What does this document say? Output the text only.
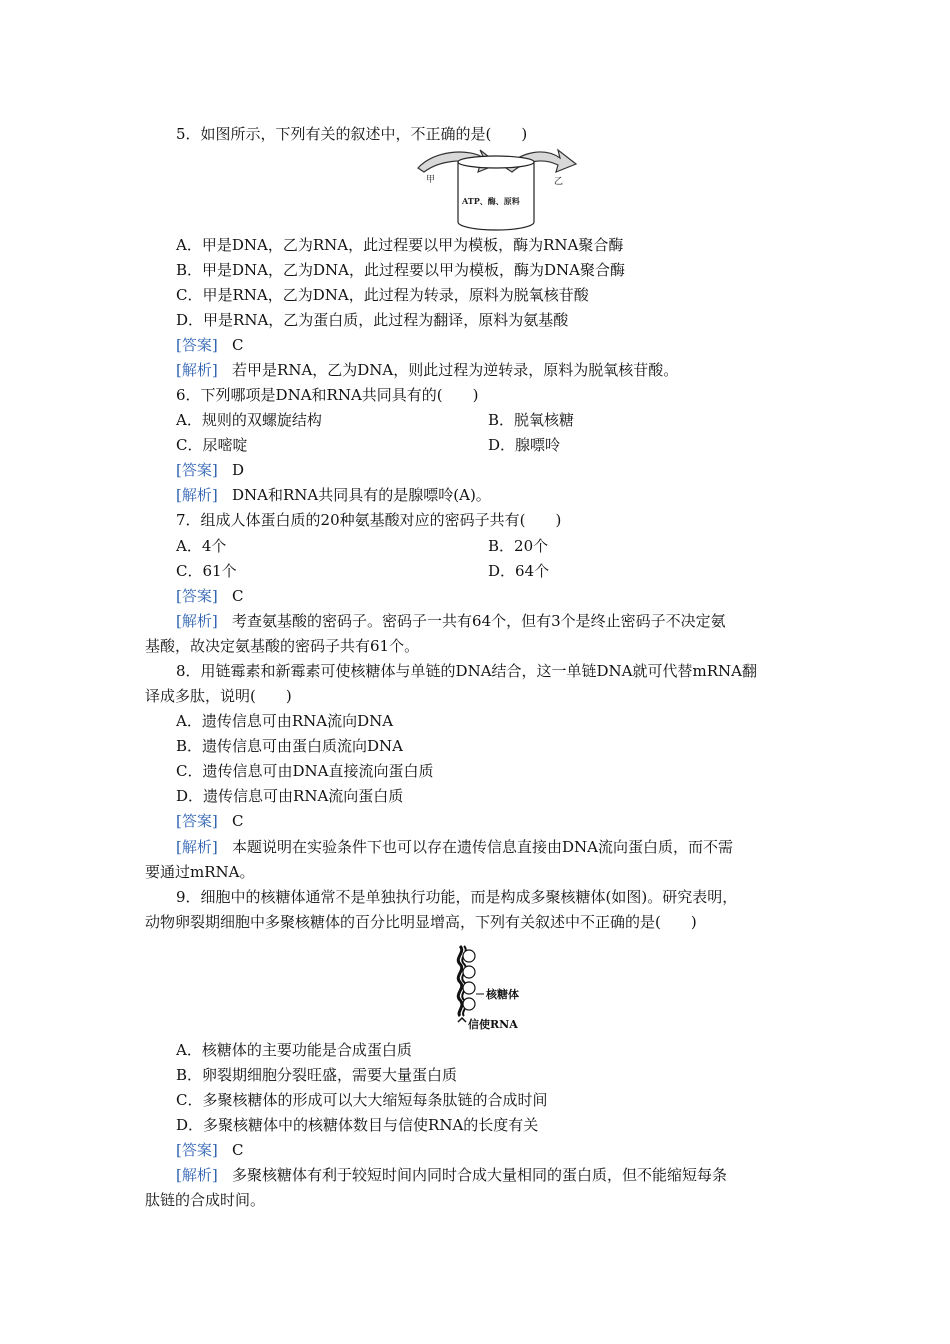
5．如图所示，下列有关的叙述中，不正确的是(　　)
甲	乙
ATP、酶、原料
A．甲是DNA，乙为RNA，此过程要以甲为模板，酶为RNA聚合酶
B．甲是DNA，乙为DNA，此过程要以甲为模板，酶为DNA聚合酶
C．甲是RNA，乙为DNA，此过程为转录，原料为脱氧核苷酸
D．甲是RNA，乙为蛋白质，此过程为翻译，原料为氨基酸
[答案] C
[解析] 若甲是RNA，乙为DNA，则此过程为逆转录，原料为脱氧核苷酸。
6．下列哪项是DNA和RNA共同具有的(　　)
A．规则的双螺旋结构	B．脱氧核糖
C．尿嘧啶	D．腺嘌呤
[答案] D
[解析] DNA和RNA共同具有的是腺嘌呤(A)。
7．组成人体蛋白质的20种氨基酸对应的密码子共有(　　)
A．4个	B．20个
C．61个	D．64个
[答案] C
[解析] 考查氨基酸的密码子。密码子一共有64个，但有3个是终止密码子不决定氨
基酸，故决定氨基酸的密码子共有61个。
8．用链霉素和新霉素可使核糖体与单链的DNA结合，这一单链DNA就可代替mRNA翻
译成多肽，说明(　　)
A．遗传信息可由RNA流向DNA
B．遗传信息可由蛋白质流向DNA
C．遗传信息可由DNA直接流向蛋白质
D．遗传信息可由RNA流向蛋白质
[答案] C
[解析] 本题说明在实验条件下也可以存在遗传信息直接由DNA流向蛋白质，而不需
要通过mRNA。
9．细胞中的核糖体通常不是单独执行功能，而是构成多聚核糖体(如图)。研究表明，
动物卵裂期细胞中多聚核糖体的百分比明显增高，下列有关叙述中不正确的是(　　)
核糖体
信使RNA
A．核糖体的主要功能是合成蛋白质
B．卵裂期细胞分裂旺盛，需要大量蛋白质
C．多聚核糖体的形成可以大大缩短每条肽链的合成时间
D．多聚核糖体中的核糖体数目与信使RNA的长度有关
[答案] C
[解析] 多聚核糖体有利于较短时间内同时合成大量相同的蛋白质，但不能缩短每条
肽链的合成时间。
